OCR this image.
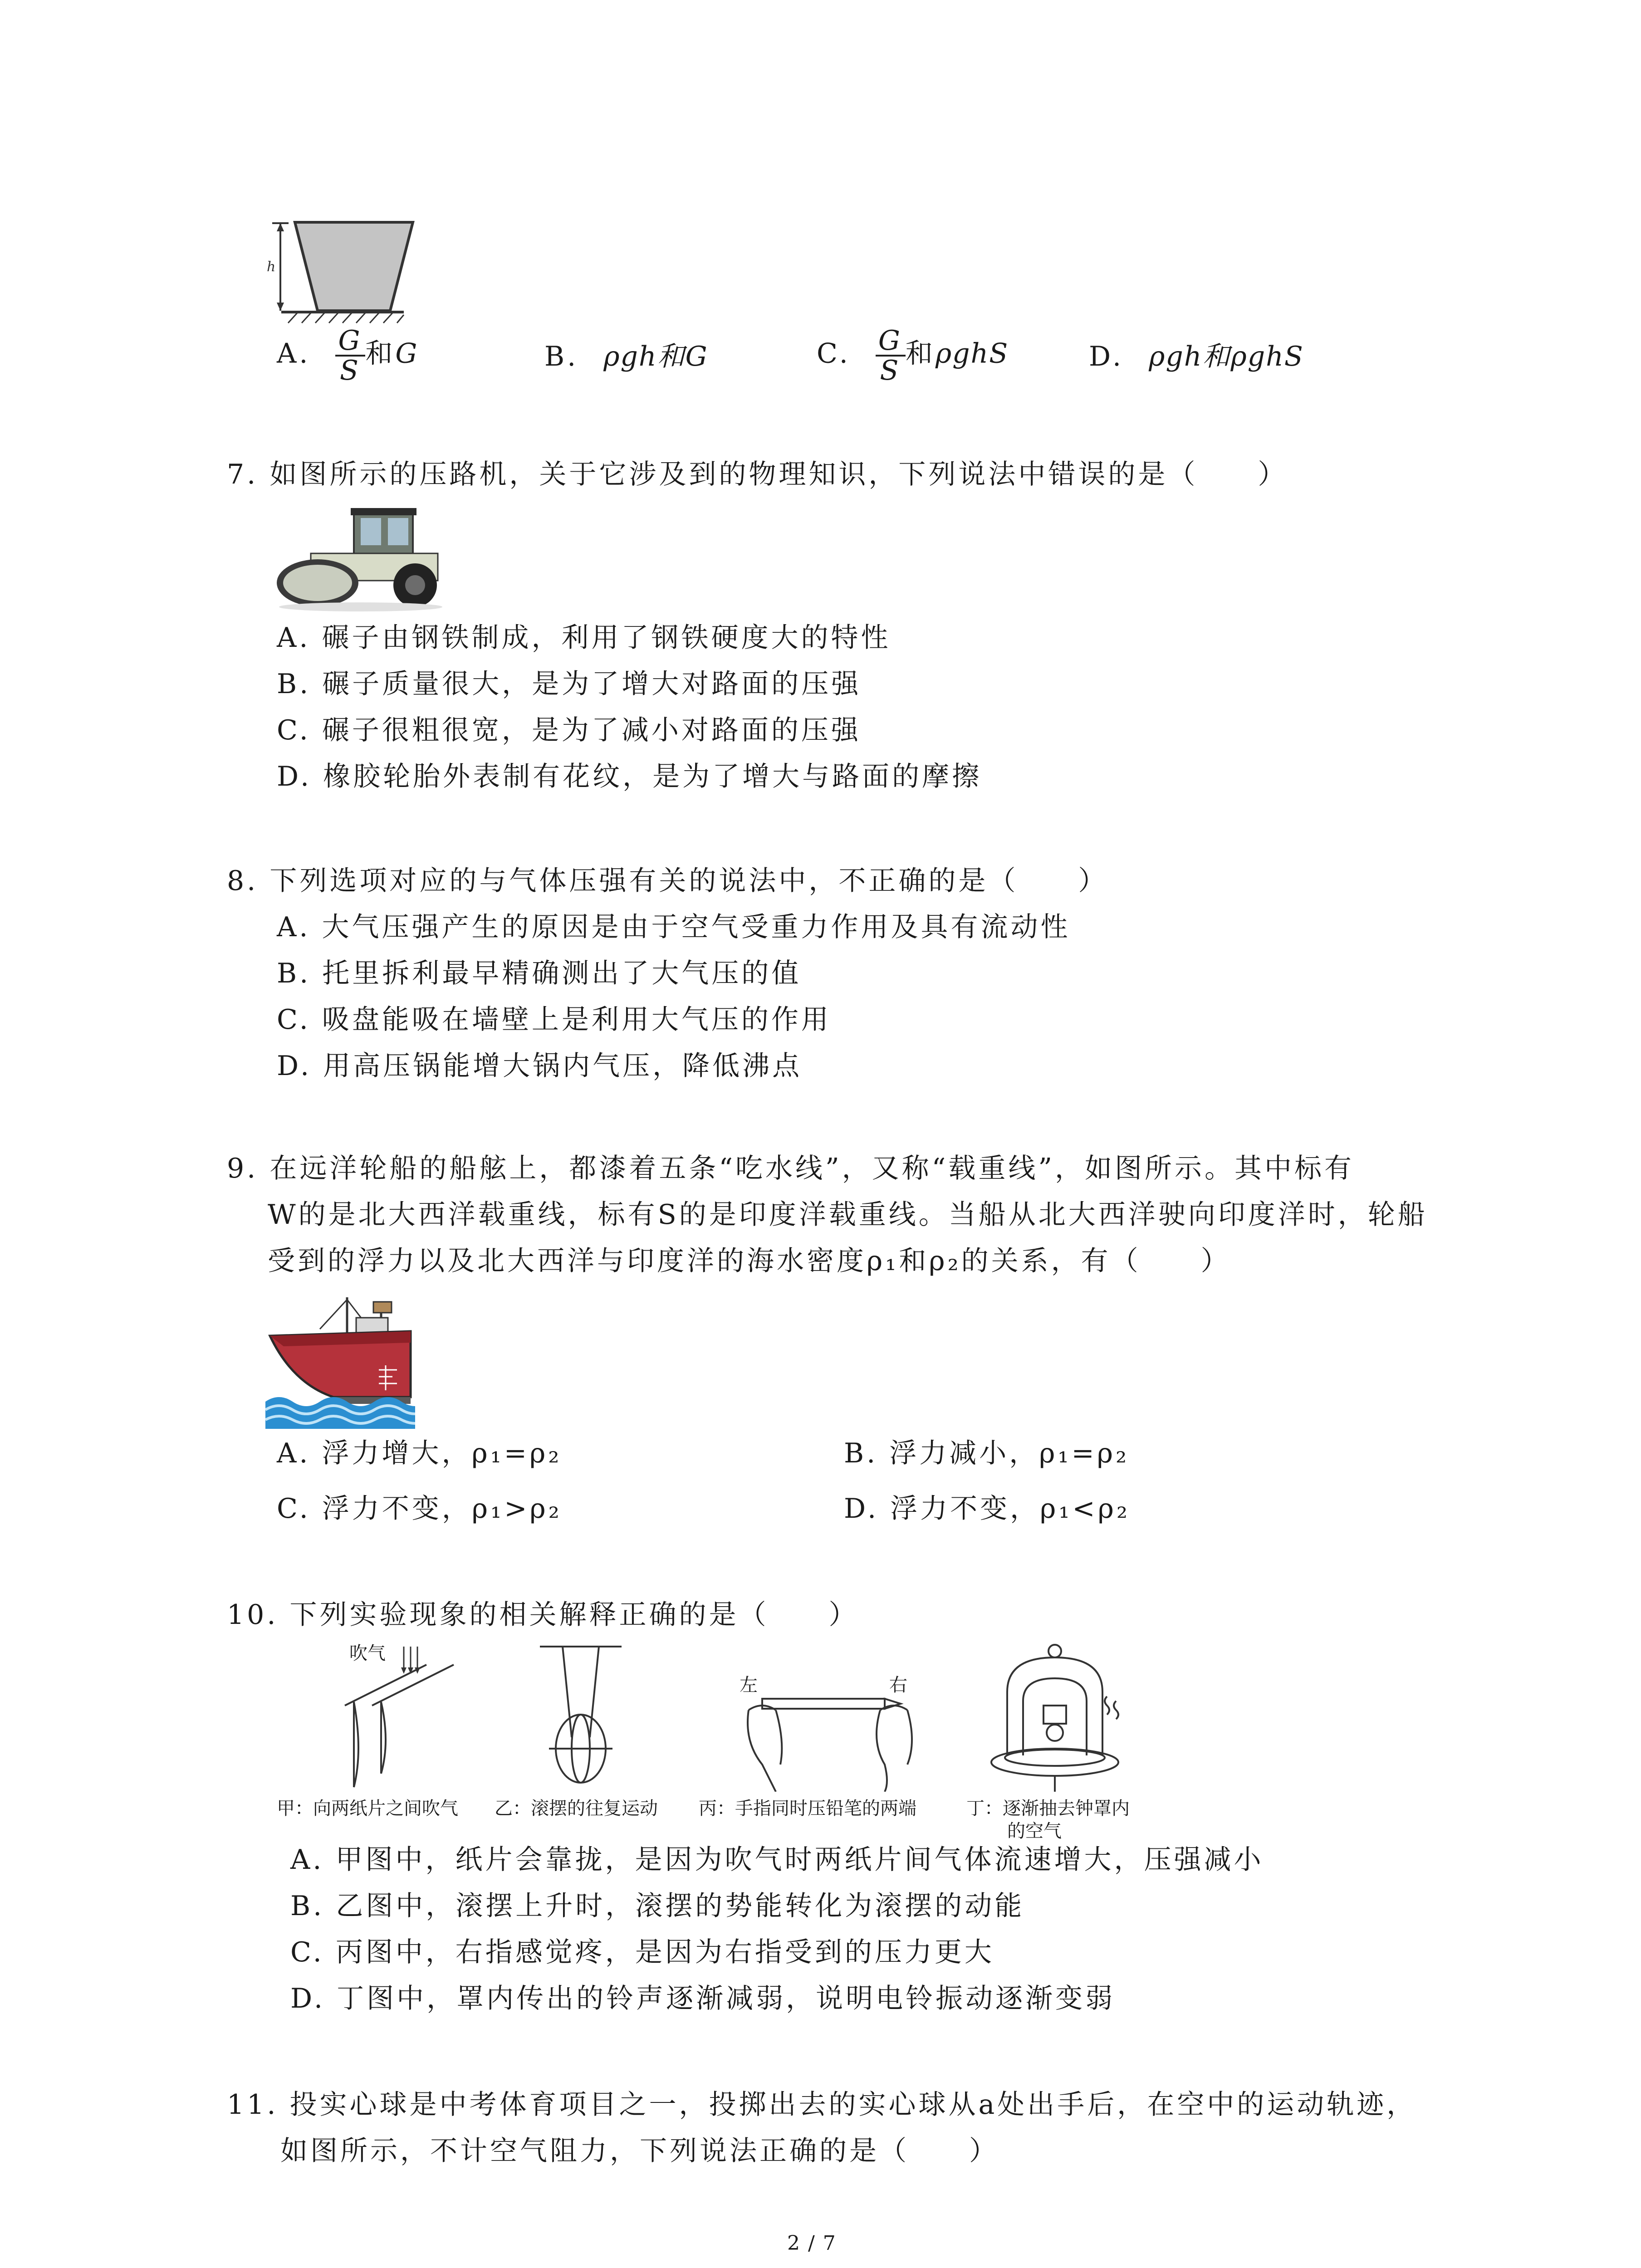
h
A. $\frac{G}{S}$ 和G	B. ρgh和G	C. $\frac{G}{S}$ 和ρghS	D. ρgh和ρghS
7. 如图所示的压路机，关于它涉及到的物理知识，下列说法中错误的是（　　）
A. 碾子由钢铁制成，利用了钢铁硬度大的特性
B. 碾子质量很大，是为了增大对路面的压强
C. 碾子很粗很宽，是为了减小对路面的压强
D. 橡胶轮胎外表制有花纹，是为了增大与路面的摩擦
8. 下列选项对应的与气体压强有关的说法中，不正确的是（　　）
A. 大气压强产生的原因是由于空气受重力作用及具有流动性
B. 托里拆利最早精确测出了大气压的值
C. 吸盘能吸在墙壁上是利用大气压的作用
D. 用高压锅能增大锅内气压，降低沸点
9. 在远洋轮船的船舷上，都漆着五条“吃水线”，又称“载重线”，如图所示。其中标有
W的是北大西洋载重线，标有S的是印度洋载重线。当船从北大西洋驶向印度洋时，轮船
受到的浮力以及北大西洋与印度洋的海水密度ρ₁和ρ₂的关系，有（　　）
A. 浮力增大，ρ₁=ρ₂	B. 浮力减小，ρ₁=ρ₂
C. 浮力不变，ρ₁>ρ₂	D. 浮力不变，ρ₁<ρ₂
10. 下列实验现象的相关解释正确的是（　　）
吹气
左	右
甲：向两纸片之间吹气 乙：滚摆的往复运动 丙：手指同时压铅笔的两端	丁：逐渐抽去钟罩内
的空气
A. 甲图中，纸片会靠拢，是因为吹气时两纸片间气体流速增大，压强减小
B. 乙图中，滚摆上升时，滚摆的势能转化为滚摆的动能
C. 丙图中，右指感觉疼，是因为右指受到的压力更大
D. 丁图中，罩内传出的铃声逐渐减弱，说明电铃振动逐渐变弱
11. 投实心球是中考体育项目之一，投掷出去的实心球从a处出手后，在空中的运动轨迹，
如图所示，不计空气阻力，下列说法正确的是（　　）
2 / 7
